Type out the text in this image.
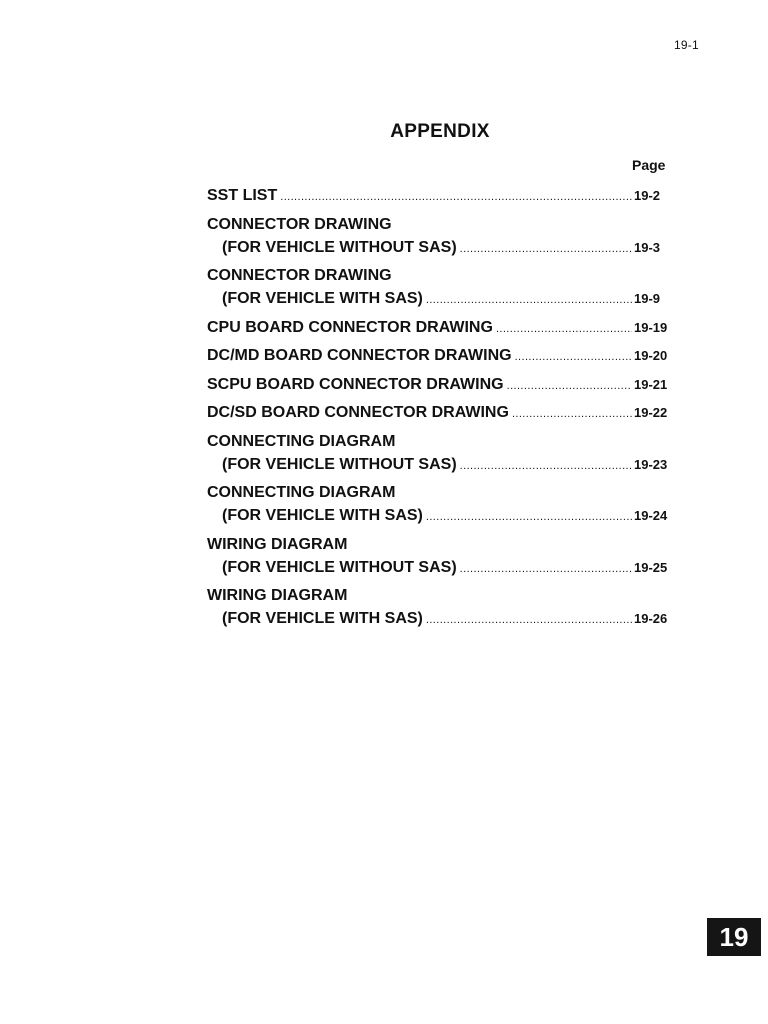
19-1
APPENDIX
Page
SST LIST .....	19-2
CONNECTOR DRAWING
(FOR VEHICLE WITHOUT SAS) .....	19-3
CONNECTOR DRAWING
(FOR VEHICLE WITH SAS) .....	19-9
CPU BOARD CONNECTOR DRAWING .....	19-19
DC/MD BOARD CONNECTOR DRAWING .....	19-20
SCPU BOARD CONNECTOR DRAWING .....	19-21
DC/SD BOARD CONNECTOR DRAWING .....	19-22
CONNECTING DIAGRAM
(FOR VEHICLE WITHOUT SAS) .....	19-23
CONNECTING DIAGRAM
(FOR VEHICLE WITH SAS) .....	19-24
WIRING DIAGRAM
(FOR VEHICLE WITHOUT SAS) .....	19-25
WIRING DIAGRAM
(FOR VEHICLE WITH SAS) .....	19-26
19
